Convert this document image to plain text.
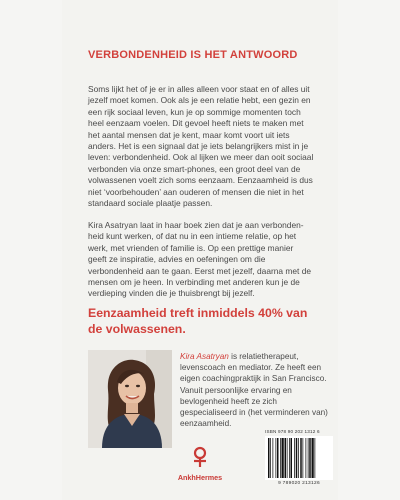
VERBONDENHEID IS HET ANTWOORD
Soms lijkt het of je er in alles alleen voor staat en of alles uit jezelf moet komen. Ook als je een relatie hebt, een gezin en een rijk sociaal leven, kun je op sommige momenten toch heel eenzaam voelen. Dit gevoel heeft niets te maken met het aantal mensen dat je kent, maar komt voort uit iets anders. Het is een signaal dat je iets belangrijkers mist in je leven: verbondenheid. Ook al lijken we meer dan ooit sociaal verbonden via onze smart-phones, een groot deel van de volwassenen voelt zich soms eenzaam. Eenzaamheid is dus niet ‘voorbehouden’ aan ouderen of mensen die niet in het standaard sociale plaatje passen.
Kira Asatryan laat in haar boek zien dat je aan verbonden-heid kunt werken, of dat nu in een intieme relatie, op het werk, met vrienden of familie is. Op een prettige manier geeft ze inspiratie, advies en oefeningen om die verbondenheid aan te gaan. Eerst met jezelf, daarna met de mensen om je heen. In verbinding met anderen kun je de verdieping vinden die je thuisbrengt bij jezelf.
Eenzaamheid treft inmiddels 40% van de volwassenen.
Kira Asatryan is relatietherapeut, levenscoach en mediator. Ze heeft een eigen coachingpraktijk in San Francisco. Vanuit persoonlijke ervaring en bevlogenheid heeft ze zich gespecialiseerd in (het verminderen van) eenzaamheid.
ISBN 978 90 202 1312 6
9 789020 213126
AnkhHermes
